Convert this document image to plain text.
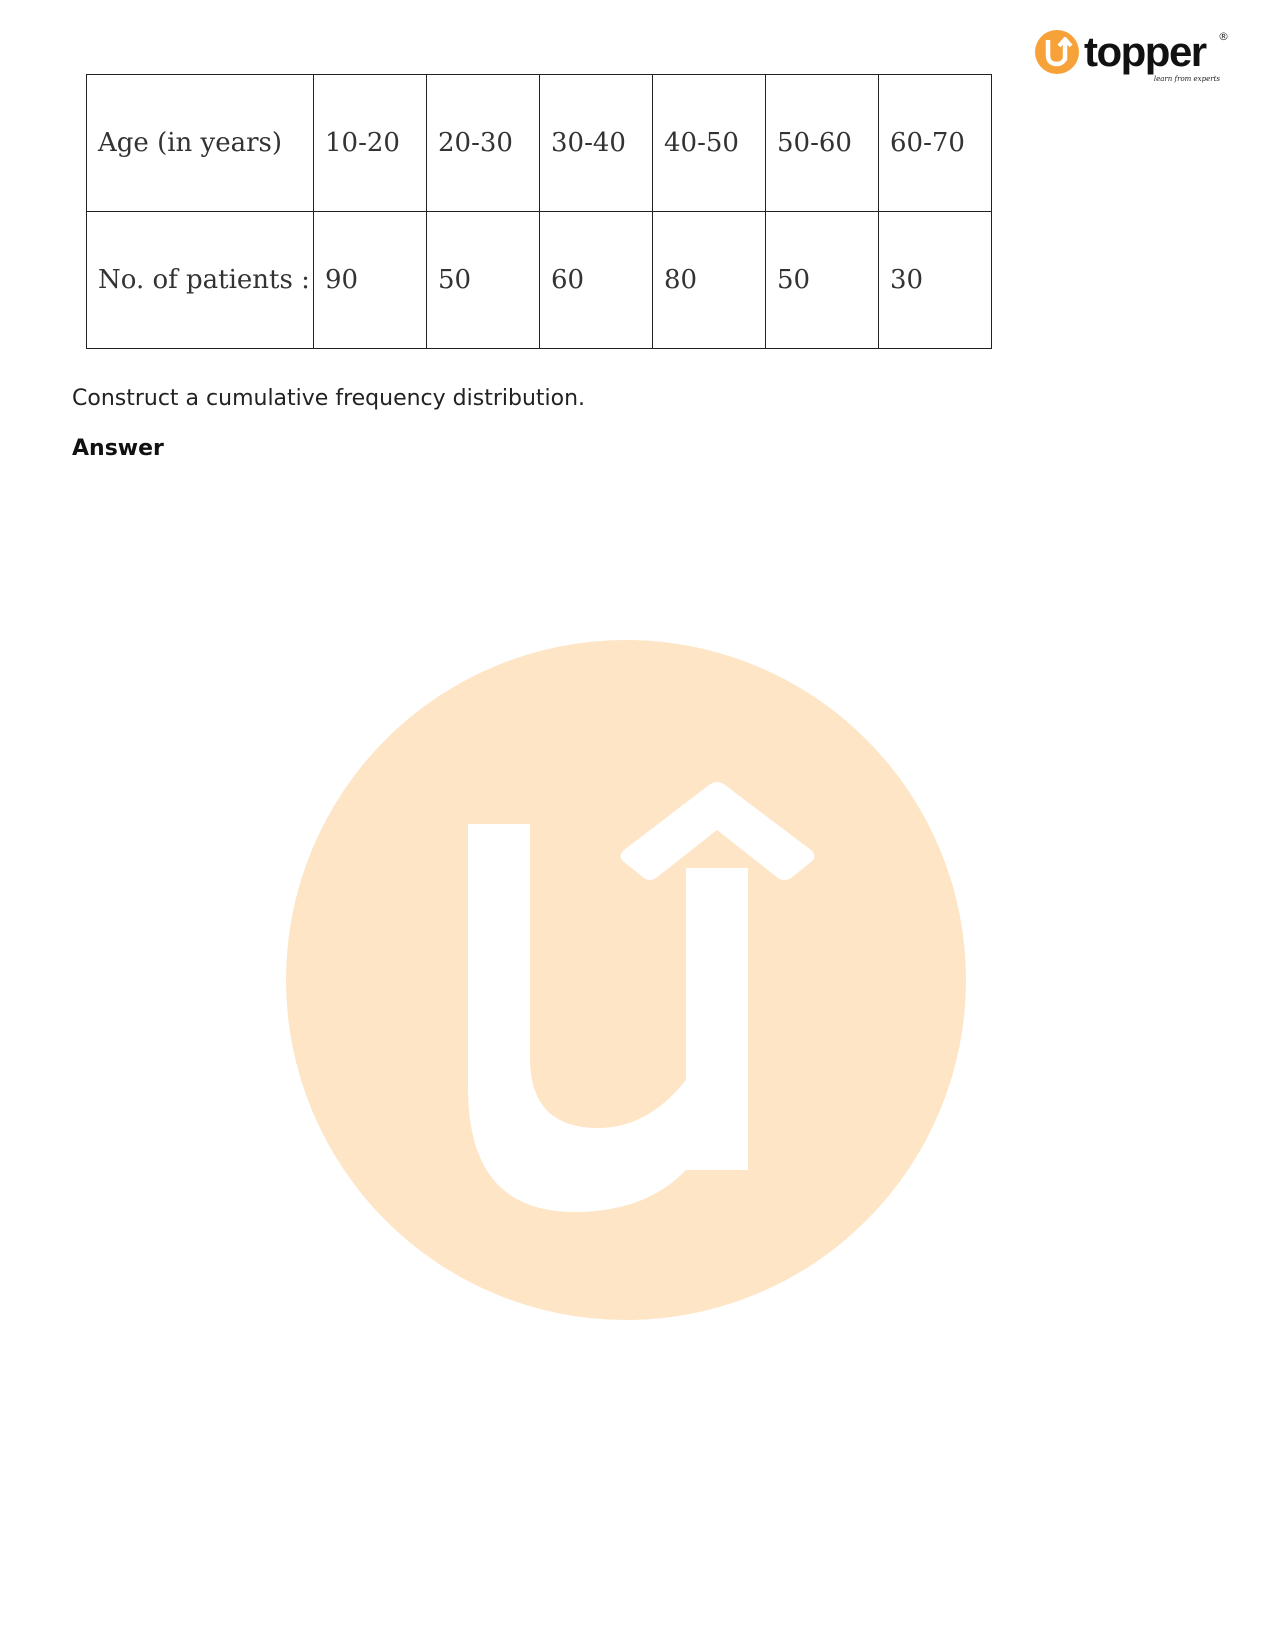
topper
learn from experts
®
Age (in years)	10-20	20-30	30-40	40-50	50-60	60-70
No. of patients :	90	50	60	80	50	30

Construct a cumulative frequency distribution.

Answer
